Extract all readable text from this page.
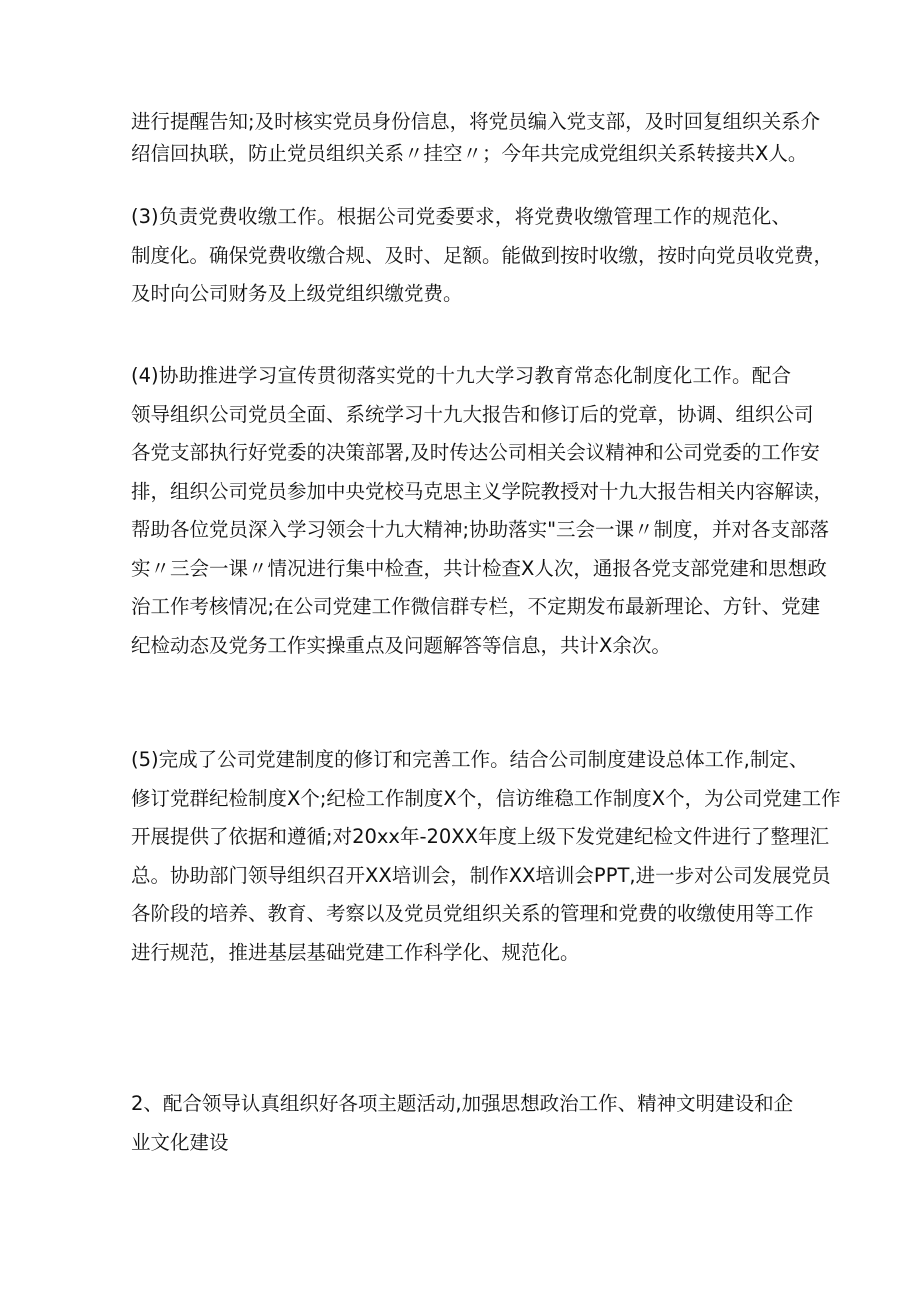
进行提醒告知;及时核实党员身份信息，将党员编入党支部，及时回复组织关系介
绍信回执联，防止党员组织关系〃挂空〃；今年共完成党组织关系转接共X人。
(3)负责党费收缴工作。根据公司党委要求，将党费收缴管理工作的规范化、
制度化。确保党费收缴合规、及时、足额。能做到按时收缴，按时向党员收党费，
及时向公司财务及上级党组织缴党费。
(4)协助推进学习宣传贯彻落实党的十九大学习教育常态化制度化工作。配合
领导组织公司党员全面、系统学习十九大报告和修订后的党章，协调、组织公司
各党支部执行好党委的决策部署,及时传达公司相关会议精神和公司党委的工作安
排，组织公司党员参加中央党校马克思主义学院教授对十九大报告相关内容解读，
帮助各位党员深入学习领会十九大精神;协助落实"三会一课〃制度，并对各支部落
实〃三会一课〃情况进行集中检查，共计检查X人次，通报各党支部党建和思想政
治工作考核情况;在公司党建工作微信群专栏，不定期发布最新理论、方针、党建
纪检动态及党务工作实操重点及问题解答等信息，共计X余次。
(5)完成了公司党建制度的修订和完善工作。结合公司制度建设总体工作,制定、
修订党群纪检制度X个;纪检工作制度X个，信访维稳工作制度X个，为公司党建工作
开展提供了依据和遵循;对20xx年-20XX年度上级下发党建纪检文件进行了整理汇
总。协助部门领导组织召开XX培训会，制作XX培训会PPT,进一步对公司发展党员
各阶段的培养、教育、考察以及党员党组织关系的管理和党费的收缴使用等工作
进行规范，推进基层基础党建工作科学化、规范化。
2、配合领导认真组织好各项主题活动,加强思想政治工作、精神文明建设和企
业文化建设
